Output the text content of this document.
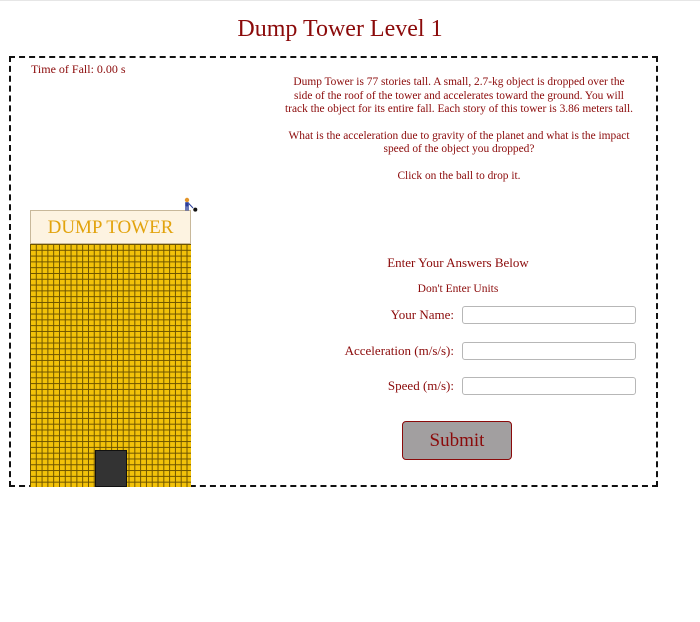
Dump Tower Level 1
Time of Fall: 0.00 s

Dump Tower is 77 stories tall. A small, 2.7-kg object is dropped over the side of the roof of the tower and accelerates toward the ground. You will track the object for its entire fall. Each story of this tower is 3.86 meters tall.

What is the acceleration due to gravity of the planet and what is the impact speed of the object you dropped?

Click on the ball to drop it.

DUMP TOWER
Enter Your Answers Below
Don't Enter Units
Your Name:
Acceleration (m/s/s):
Speed (m/s):
Submit
